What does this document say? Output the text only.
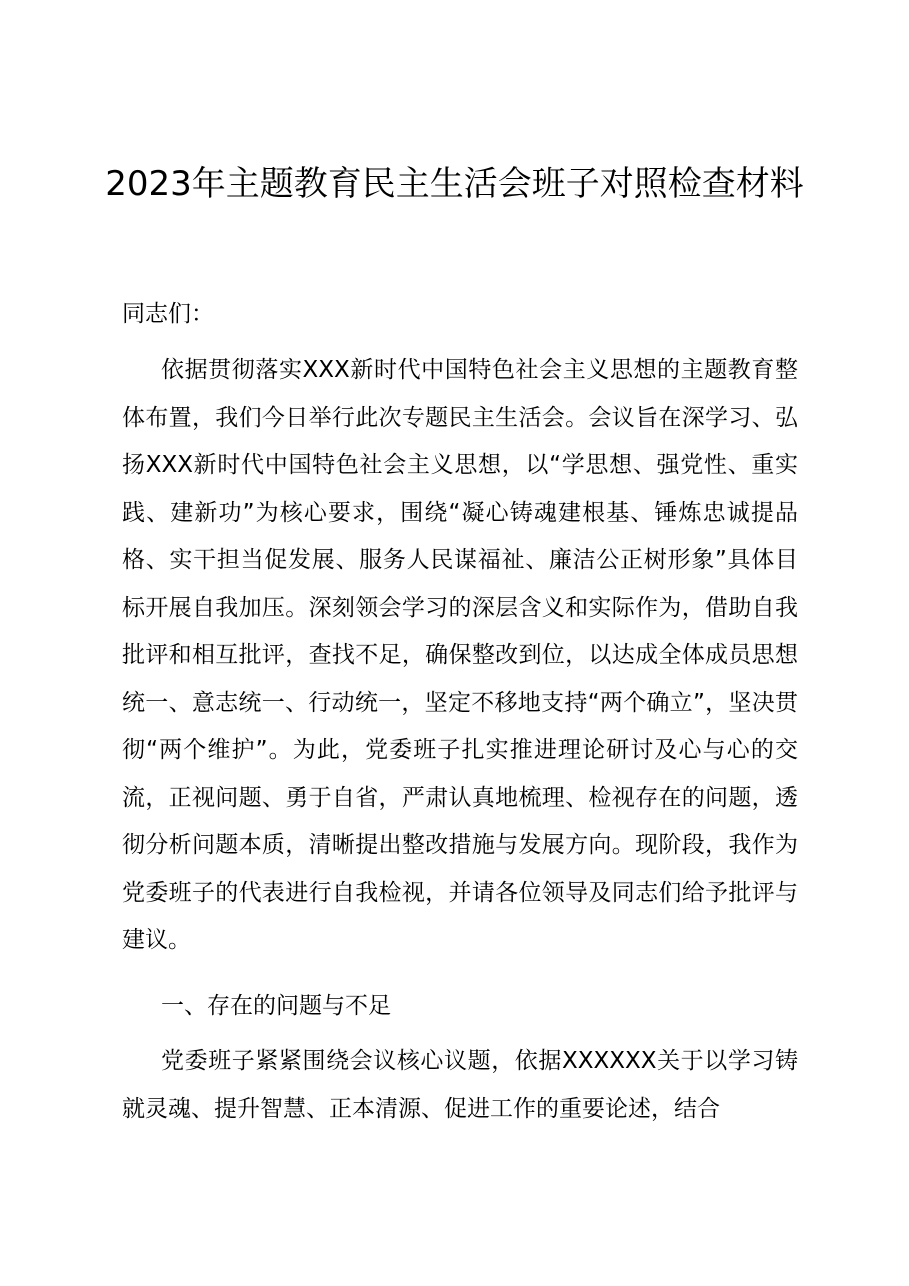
2023年主题教育民主生活会班子对照检查材料
同志们：
依据贯彻落实XXX新时代中国特色社会主义思想的主题教育整体布置，我们今日举行此次专题民主生活会。会议旨在深学习、弘扬XXX新时代中国特色社会主义思想，以“学思想、强党性、重实践、建新功”为核心要求，围绕“凝心铸魂建根基、锤炼忠诚提品格、实干担当促发展、服务人民谋福祉、廉洁公正树形象”具体目标开展自我加压。深刻领会学习的深层含义和实际作为，借助自我批评和相互批评，查找不足，确保整改到位，以达成全体成员思想统一、意志统一、行动统一，坚定不移地支持“两个确立”，坚决贯彻“两个维护”。为此，党委班子扎实推进理论研讨及心与心的交流，正视问题、勇于自省，严肃认真地梳理、检视存在的问题，透彻分析问题本质，清晰提出整改措施与发展方向。现阶段，我作为党委班子的代表进行自我检视，并请各位领导及同志们给予批评与建议。
一、存在的问题与不足
党委班子紧紧围绕会议核心议题，依据XXXXXX关于以学习铸就灵魂、提升智慧、正本清源、促进工作的重要论述，结合
